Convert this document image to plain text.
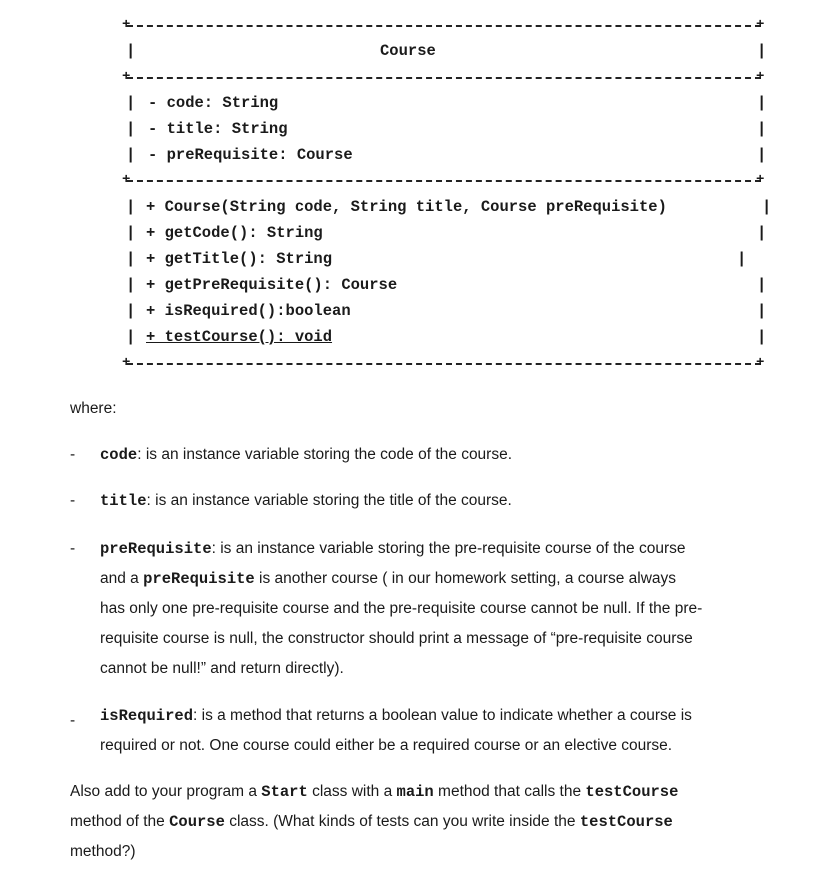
+	+
|	|
Course
+	+
| - code: String	|
| - title: String	|
| - preRequisite: Course	|
+	+
| + Course(String code, String title, Course preRequisite)	|
| + getCode(): String	|
| + getTitle(): String	|
| + getPreRequisite(): Course	|
| + isRequired():boolean	|
| + testCourse(): void	|
+	+
where:
- code: is an instance variable storing the code of the course.
- title: is an instance variable storing the title of the course.
- preRequisite: is an instance variable storing the pre-requisite course of the course
and a preRequisite is another course ( in our homework setting, a course always
has only one pre-requisite course and the pre-requisite course cannot be null. If the pre-
requisite course is null, the constructor should print a message of “pre-requisite course
cannot be null!” and return directly).
- isRequired: is a method that returns a boolean value to indicate whether a course is
required or not. One course could either be a required course or an elective course.
Also add to your program a Start class with a main method that calls the testCourse
method of the Course class. (What kinds of tests can you write inside the testCourse
method?)
